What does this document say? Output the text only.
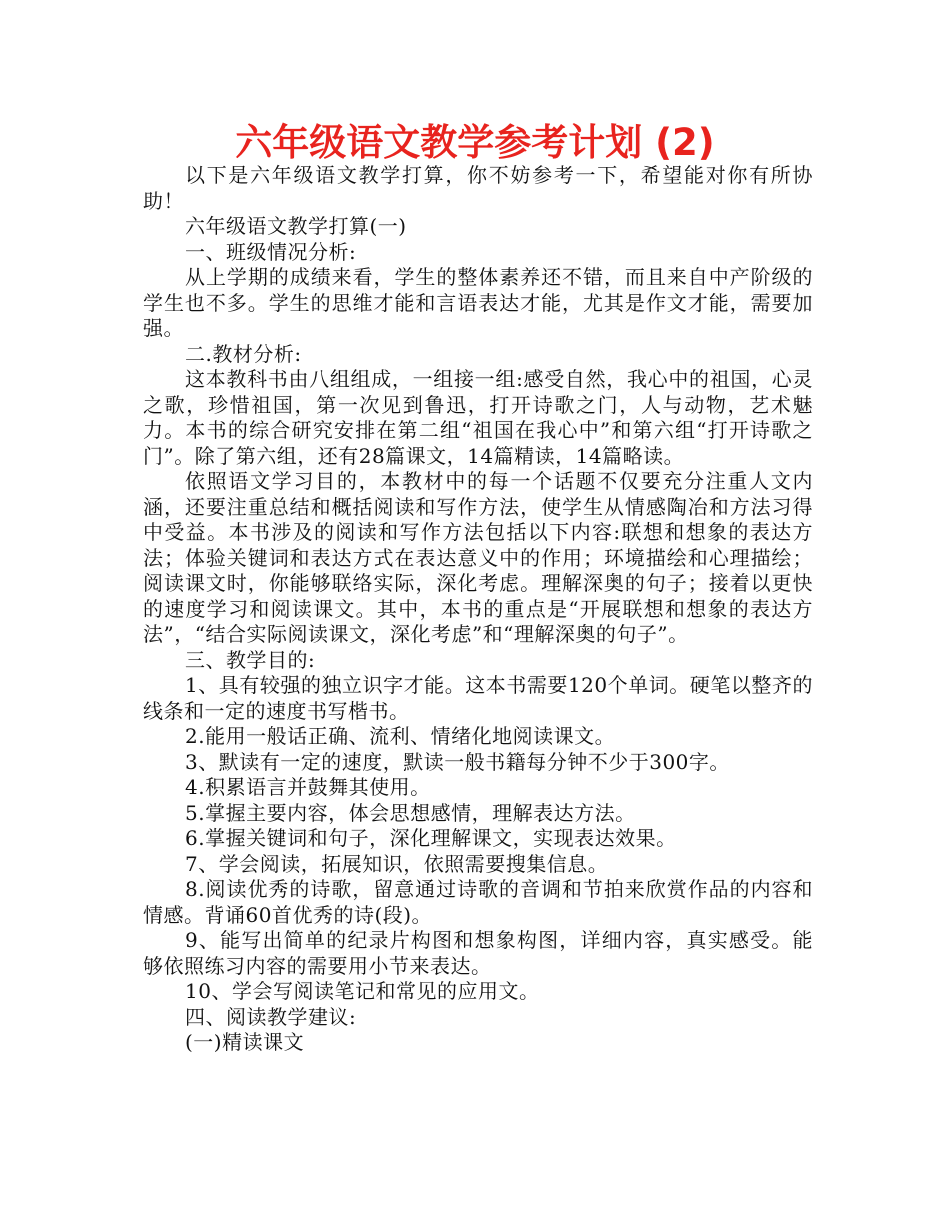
六年级语文教学参考计划 (2)

以下是六年级语文教学打算，你不妨参考一下，希望能对你有所协助！

六年级语文教学打算(一)

一、班级情况分析:

从上学期的成绩来看，学生的整体素养还不错，而且来自中产阶级的学生也不多。学生的思维才能和言语表达才能，尤其是作文才能，需要加强。

二.教材分析:

这本教科书由八组组成，一组接一组:感受自然，我心中的祖国，心灵之歌，珍惜祖国，第一次见到鲁迅，打开诗歌之门，人与动物，艺术魅力。本书的综合研究安排在第二组“祖国在我心中”和第六组“打开诗歌之门”。除了第六组，还有28篇课文，14篇精读，14篇略读。

依照语文学习目的，本教材中的每一个话题不仅要充分注重人文内涵，还要注重总结和概括阅读和写作方法，使学生从情感陶冶和方法习得中受益。本书涉及的阅读和写作方法包括以下内容:联想和想象的表达方法；体验关键词和表达方式在表达意义中的作用；环境描绘和心理描绘；阅读课文时，你能够联络实际，深化考虑。理解深奥的句子；接着以更快的速度学习和阅读课文。其中，本书的重点是“开展联想和想象的表达方法”，“结合实际阅读课文，深化考虑”和“理解深奥的句子”。

三、教学目的:

1、具有较强的独立识字才能。这本书需要120个单词。硬笔以整齐的线条和一定的速度书写楷书。

2.能用一般话正确、流利、情绪化地阅读课文。

3、默读有一定的速度，默读一般书籍每分钟不少于300字。

4.积累语言并鼓舞其使用。

5.掌握主要内容，体会思想感情，理解表达方法。

6.掌握关键词和句子，深化理解课文，实现表达效果。

7、学会阅读，拓展知识，依照需要搜集信息。

8.阅读优秀的诗歌，留意通过诗歌的音调和节拍来欣赏作品的内容和情感。背诵60首优秀的诗(段)。

9、能写出简单的纪录片构图和想象构图，详细内容，真实感受。能够依照练习内容的需要用小节来表达。

10、学会写阅读笔记和常见的应用文。

四、阅读教学建议:

(一)精读课文
